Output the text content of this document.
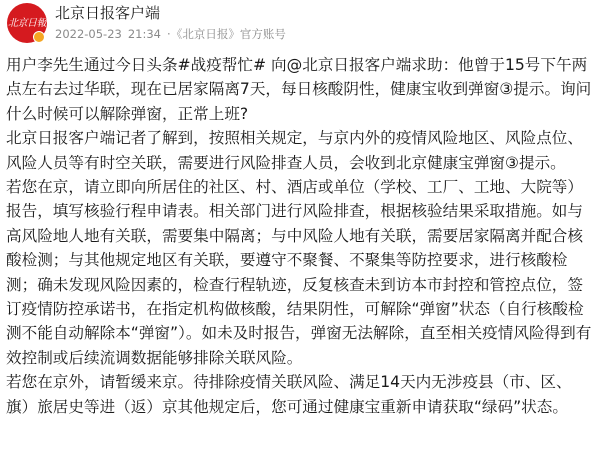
北京日報
北京日报客户端
2022-05-23 21:34 · 《北京日报》官方账号

用户李先生通过今日头条#战疫帮忙# 向@北京日报客户端求助：他曾于15号下午两点左右去过华联，现在已居家隔离7天，每日核酸阴性，健康宝收到弹窗③提示。询问什么时候可以解除弹窗，正常上班?

北京日报客户端记者了解到，按照相关规定，与京内外的疫情风险地区、风险点位、风险人员等有时空关联，需要进行风险排查人员，会收到北京健康宝弹窗③提示。

若您在京，请立即向所居住的社区、村、酒店或单位（学校、工厂、工地、大院等）报告，填写核验行程申请表。相关部门进行风险排查，根据核验结果采取措施。如与高风险地人地有关联，需要集中隔离；与中风险人地有关联，需要居家隔离并配合核酸检测；与其他规定地区有关联，要遵守不聚餐、不聚集等防控要求，进行核酸检测；确未发现风险因素的，检查行程轨迹，反复核查未到访本市封控和管控点位，签订疫情防控承诺书，在指定机构做核酸，结果阴性，可解除“弹窗”状态（自行核酸检测不能自动解除本“弹窗”）。如未及时报告，弹窗无法解除，直至相关疫情风险得到有效控制或后续流调数据能够排除关联风险。

若您在京外，请暂缓来京。待排除疫情关联风险、满足14天内无涉疫县（市、区、旗）旅居史等进（返）京其他规定后，您可通过健康宝重新申请获取“绿码”状态。
